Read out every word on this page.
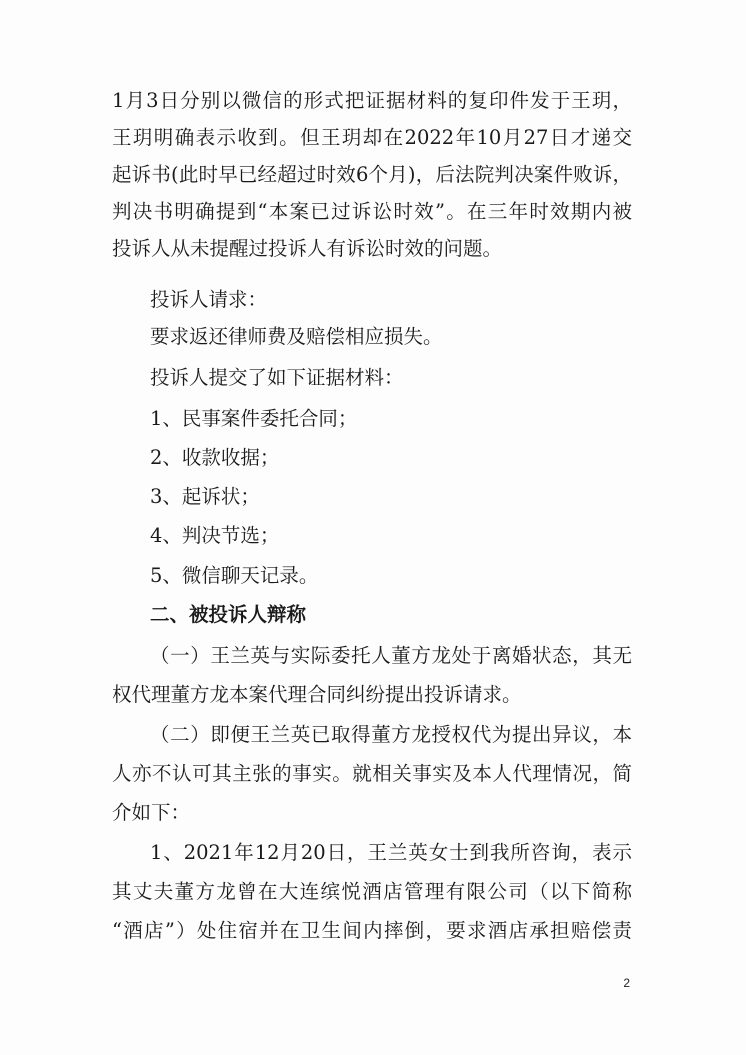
1月3日分别以微信的形式把证据材料的复印件发于王玥，

王玥明确表示收到。但王玥却在2022年10月27日才递交

起诉书(此时早已经超过时效6个月)，后法院判决案件败诉，

判决书明确提到“本案已过诉讼时效”。在三年时效期内被

投诉人从未提醒过投诉人有诉讼时效的问题。

投诉人请求：

要求返还律师费及赔偿相应损失。

投诉人提交了如下证据材料：

1、民事案件委托合同；

2、收款收据；

3、起诉状；

4、判决节选；

5、微信聊天记录。

二、被投诉人辩称

（一）王兰英与实际委托人董方龙处于离婚状态，其无

权代理董方龙本案代理合同纠纷提出投诉请求。

（二）即便王兰英已取得董方龙授权代为提出异议，本

人亦不认可其主张的事实。就相关事实及本人代理情况，简

介如下：

1、2021年12月20日，王兰英女士到我所咨询，表示

其丈夫董方龙曾在大连缤悦酒店管理有限公司（以下简称

“酒店”）处住宿并在卫生间内摔倒，要求酒店承担赔偿责

2
